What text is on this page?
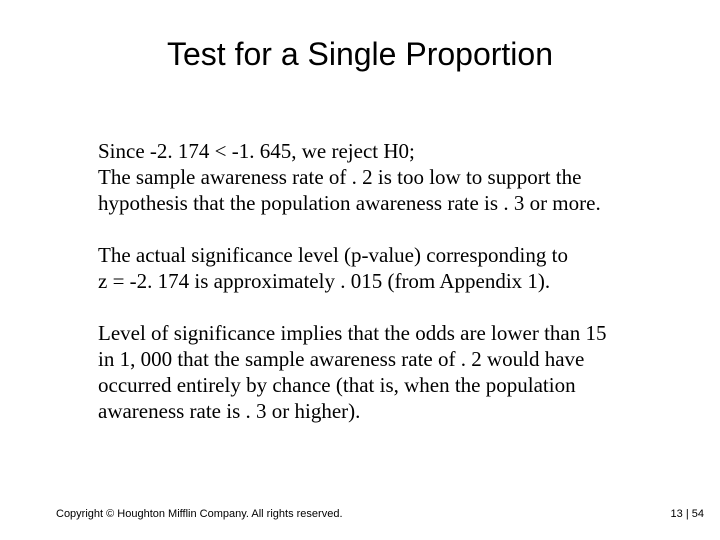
Test for a Single Proportion
Since -2. 174 < -1. 645, we reject H0;
The sample awareness rate of . 2 is too low to support the
hypothesis that the population awareness rate is . 3 or more.
The actual significance level (p-value) corresponding to
z = -2. 174 is approximately . 015 (from Appendix 1).
Level of significance implies that the odds are lower than 15
in 1, 000 that the sample awareness rate of . 2 would have
occurred entirely by chance (that is, when the population
awareness rate is . 3 or higher).
Copyright © Houghton Mifflin Company. All rights reserved.	13 | 54
